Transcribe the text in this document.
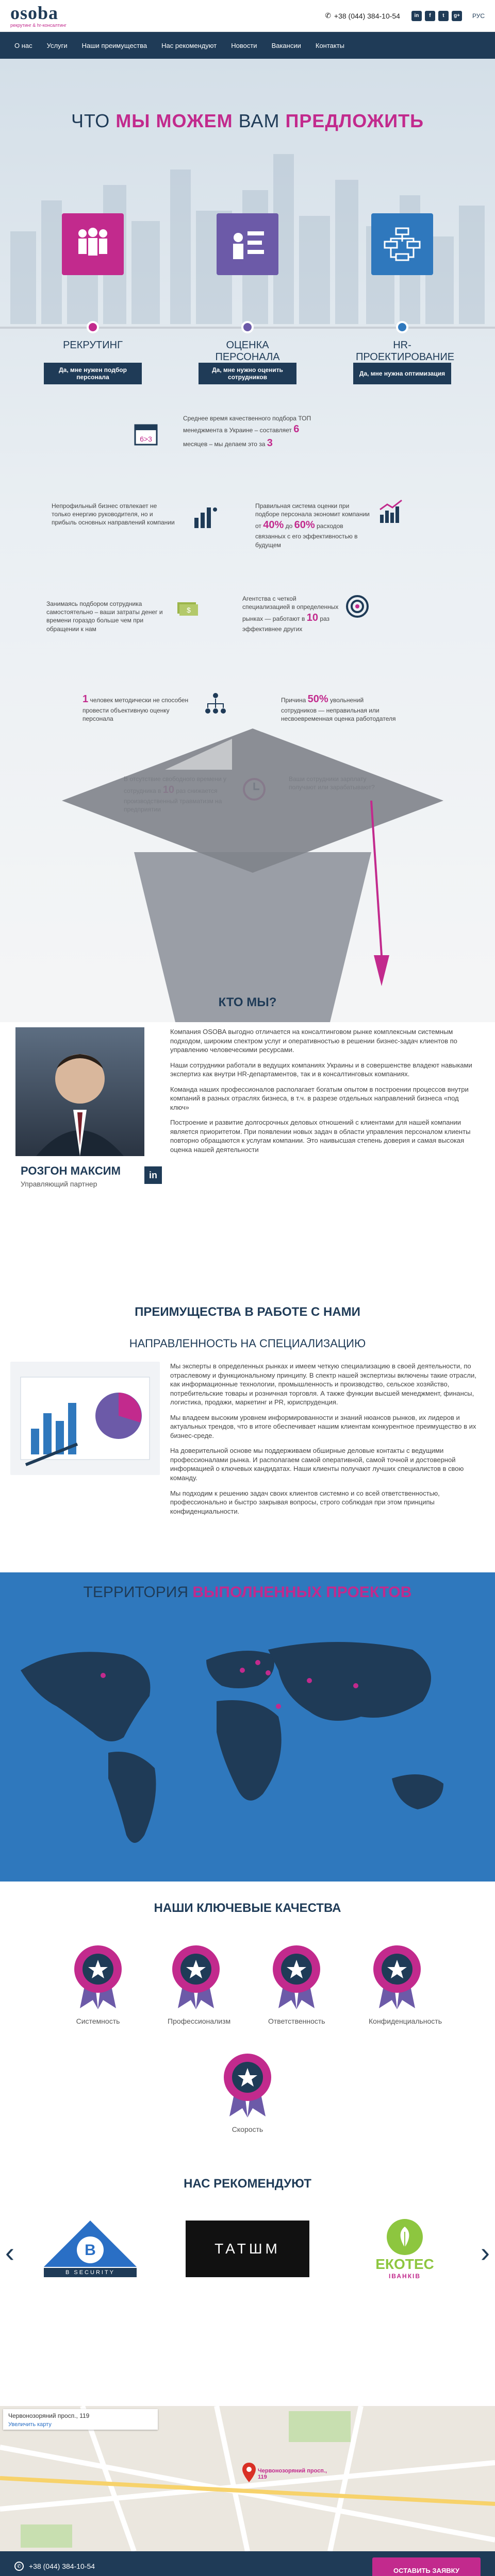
osoba
рекрутинг & hr-консалтинг
✆ +38 (044) 384-10-54	in	f	t	g+	РУС
О нас	Услуги	Наши преимущества	Нас рекомендуют	Новости	Вакансии	Контакты
ЧТО МЫ МОЖЕМ ВАМ ПРЕДЛОЖИТЬ
РЕКРУТИНГ	ОЦЕНКА ПЕРСОНАЛА
HR-ПРОЕКТИРОВАНИЕ
Да, мне нужен подбор персонала
Да, мне нужно оценить сотрудников
Да, мне нужна оптимизация
6>3
Среднее время качественного подбора ТОП менеджмента в Украине – составляет 6 месяцев – мы делаем это за 3
Непрофильный бизнес отвлекает не только енергию руководителя, но и прибыль основных направлений компании
Правильная система оценки при подборе персонала экономит компании от 40% до 60% расходов связанных с его эффективностью в будущем
Занимаясь подбором сотрудника самостоятельно – ваши затраты денег и времени гораздо больше чем при обращении к нам
$
Агентства с четкой специализацией в определенных рынках — работают в 10 раз эффективнее других
1 человек методически не способен провести объективную оценку персонала
Причина 50% увольнений сотрудников — неправильная или несвоевременная оценка работодателя
КТО МЫ?

Компания OSOBA выгодно отличается на консалтинговом рынке комплексным системным подходом, широким спектром услуг и оперативностью в решении бизнес-задач клиентов по управлению человеческими ресурсами.

Наши сотрудники работали в ведущих компаниях Украины и в совершенстве владеют навыками экспертиз как внутри HR-департаментов, так и в консалтинговых компаниях.

Команда наших профессионалов располагает богатым опытом в построении процессов внутри компаний в разных отраслях бизнеса, в т.ч. в разрезе отдельных направлений бизнеса «под ключ»

Построение и развитие долгосрочных деловых отношений с клиентами для нашей компании является приоритетом. При появлении новых задач в области управления персоналом клиенты повторно обращаются к услугам компании. Это наивысшая степень доверия и самая высокая оценка нашей деятельности

РОЗГОН МАКСИМ
Управляющий партнер
in
ПРЕИМУЩЕСТВА В РАБОТЕ С НАМИ
НАПРАВЛЕННОСТЬ НА СПЕЦИАЛИЗАЦИЮ

Мы эксперты в определенных рынках и имеем четкую специализацию в своей деятельности, по отраслевому и функциональному принципу. В спектр нашей экспертизы включены такие отрасли, как информационные технологии, промышленность и производство, сельское хозяйство, потребительские товары и розничная торговля. А также функции высшей менеджмент, финансы, логистика, продажи, маркетинг и PR, юриспруденция.

Мы владеем высоким уровнем информированности и знаний нюансов рынков, их лидеров и актуальных трендов, что в итоге обеспечивает нашим клиентам конкурентное преимущество в их бизнес-среде.

На доверительной основе мы поддерживаем обширные деловые контакты с ведущими профессионалами рынка. И располагаем самой оперативной, самой точной и достоверной информацией о ключевых кандидатах. Наши клиенты получают лучших специалистов в свою команду.

Мы подходим к решению задач своих клиентов системно и со всей ответственностью, профессионально и быстро закрывая вопросы, строго соблюдая при этом принципы конфиденциальности.

ТЕРРИТОРИЯ ВЫПОЛНЕННЫХ ПРОЕКТОВ
НАШИ КЛЮЧЕВЫЕ КАЧЕСТВА
Системность	Профессионализм	Ответственность	Конфиденциальность
Скорость
НАС РЕКОМЕНДУЮТ
‹	B
B SECURITY
TATШM
ЕКОТЕС
ІВАНКІВ
›
Червонозоряний просп., 119
Увеличить карту
Червонозоряний просп., 119
✆	+38 (044) 384-10-54	ОСТАВИТЬ ЗАЯВКУ
